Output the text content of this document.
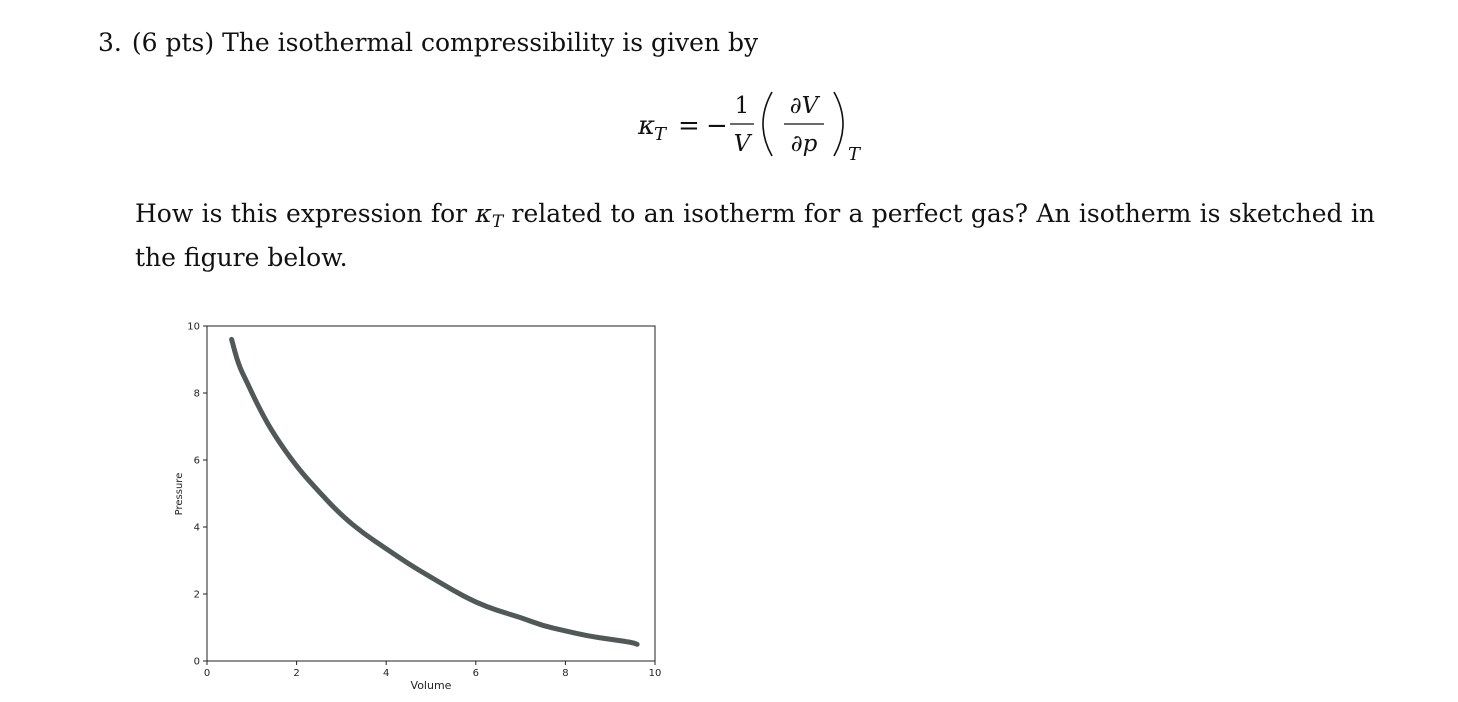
3. (6 pts) The isothermal compressibility is given by
κ
T = −
1
V
∂V
∂p T
How is this expression for $\kappa_T$ related to an isotherm for a perfect gas? An isotherm is sketched in the figure below.
0	2	4	6	8	10
0
2
4
6
8
10
Volume
Pressure
